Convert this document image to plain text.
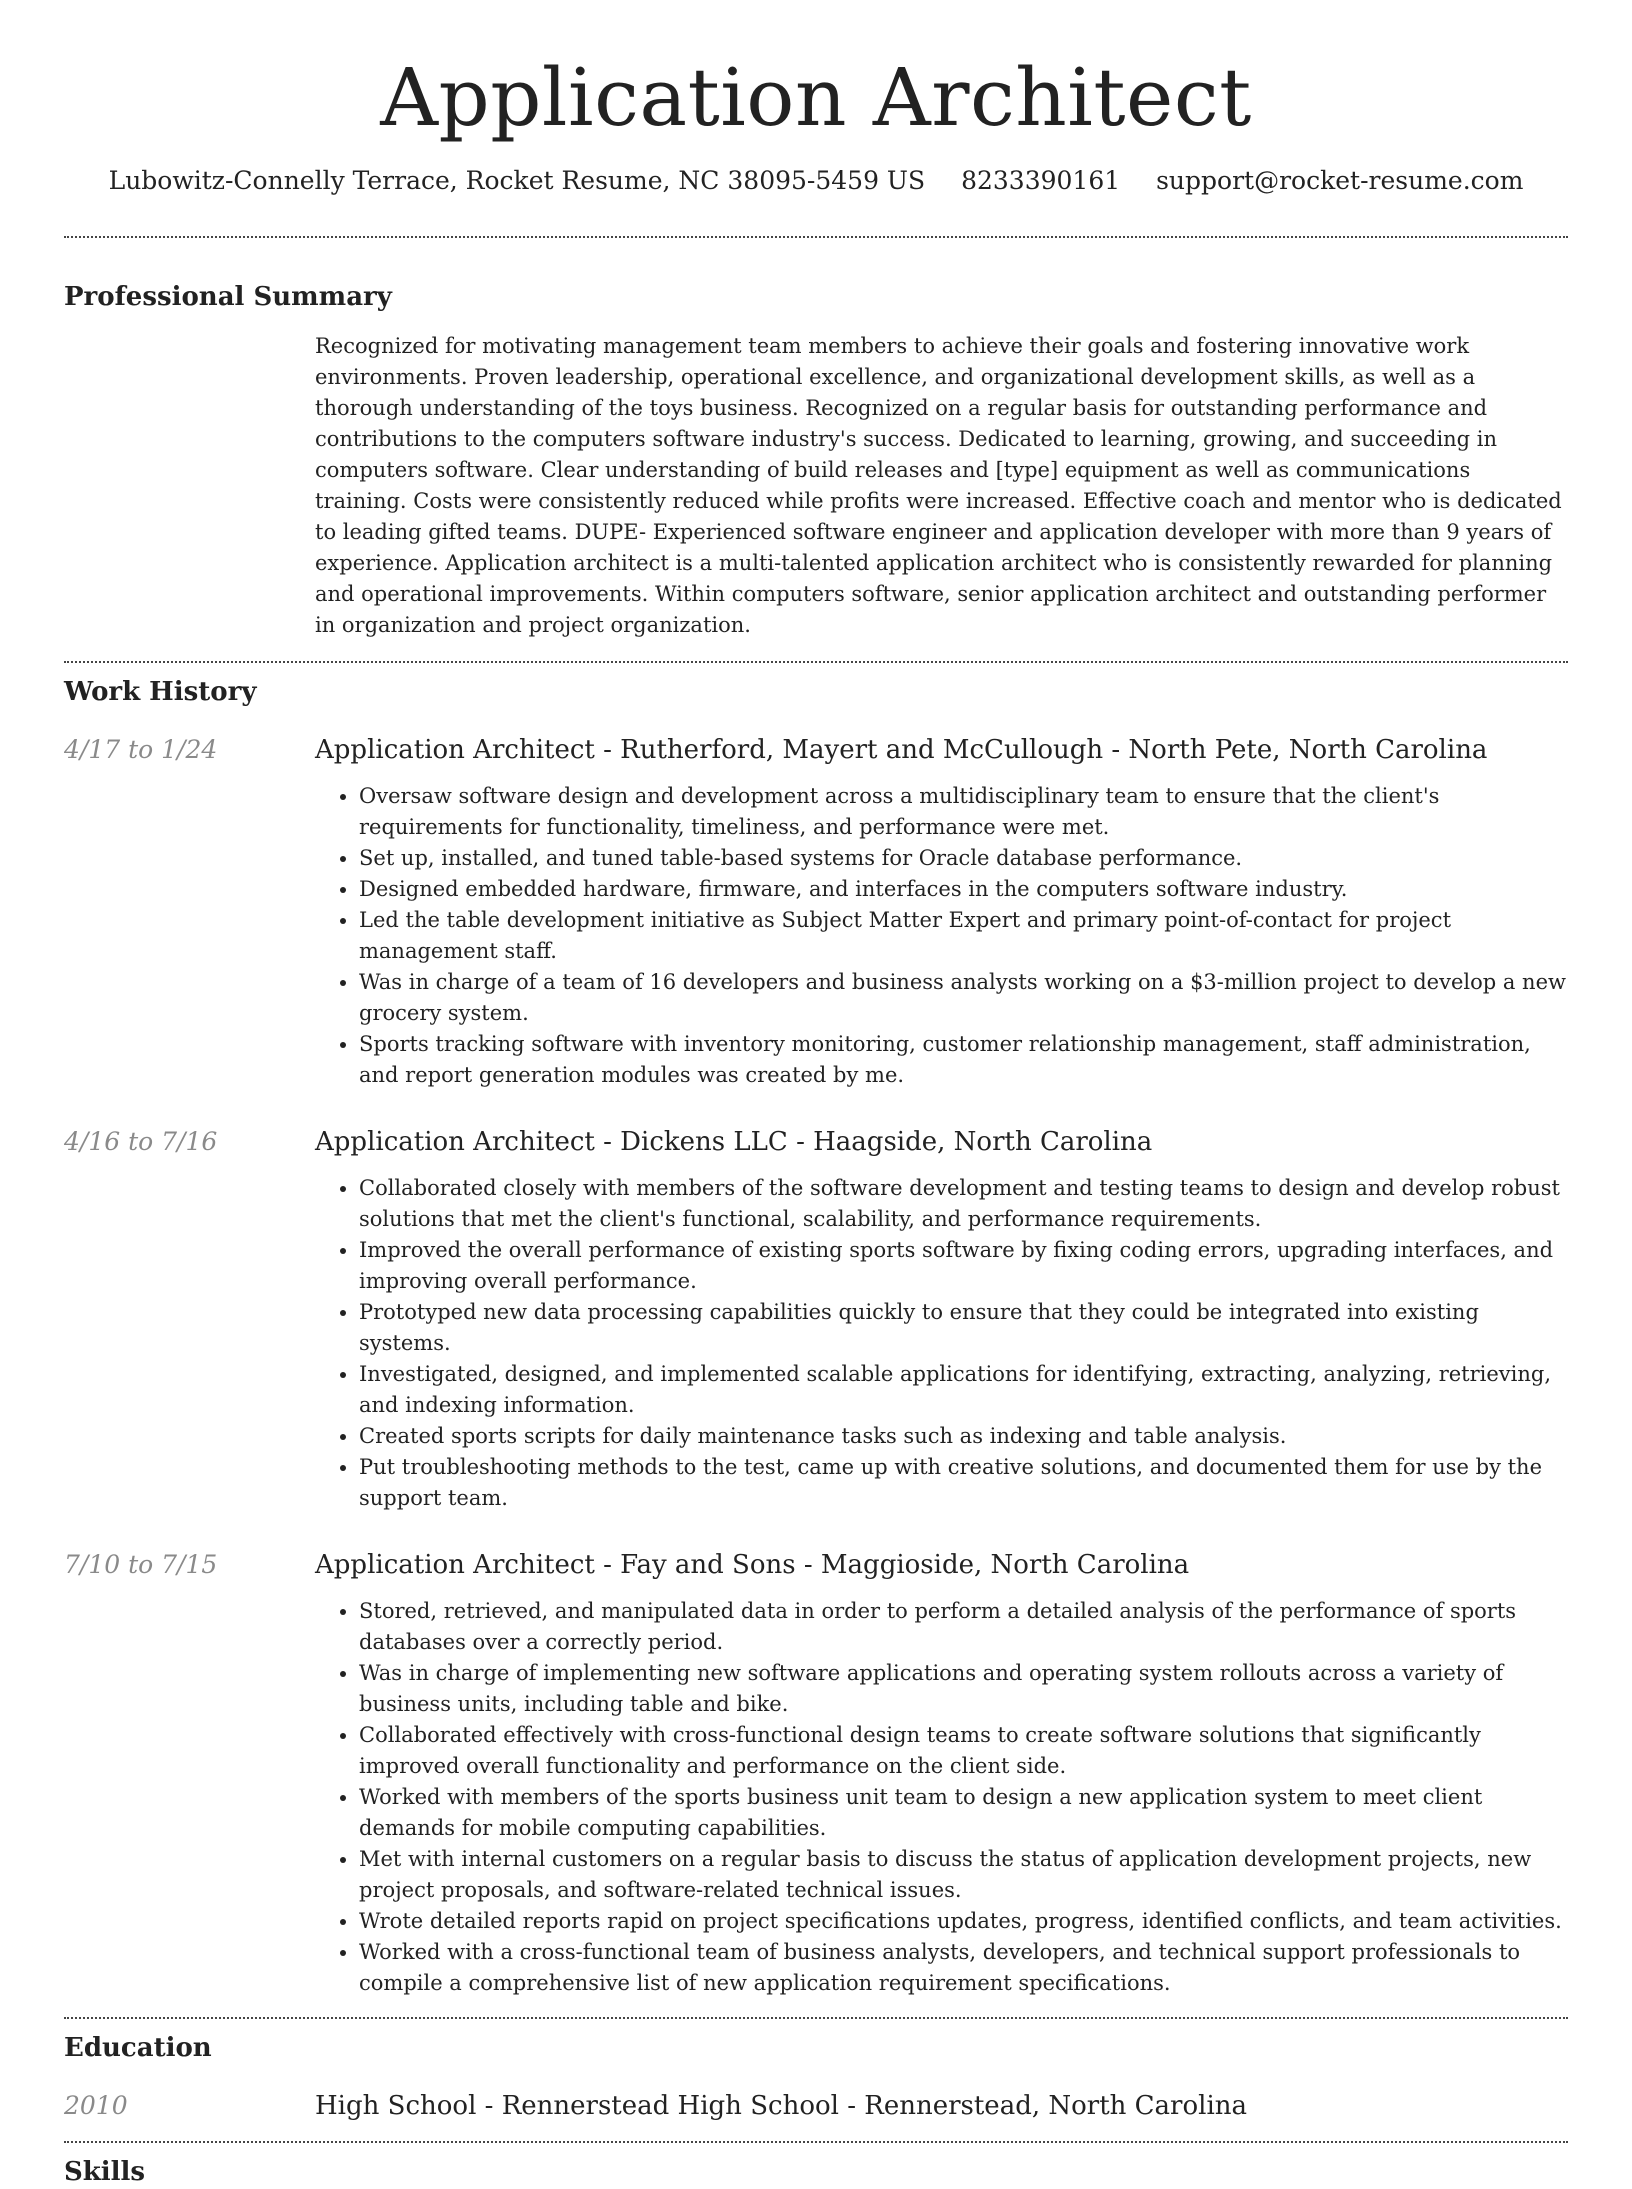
Application Architect
Lubowitz-Connelly Terrace, Rocket Resume, NC 38095-5459 US 8233390161 support@rocket-resume.com
Professional Summary

Recognized for motivating management team members to achieve their goals and fostering innovative work environments. Proven leadership, operational excellence, and organizational development skills, as well as a thorough understanding of the toys business. Recognized on a regular basis for outstanding performance and contributions to the computers software industry's success. Dedicated to learning, growing, and succeeding in computers software. Clear understanding of build releases and [type] equipment as well as communications training. Costs were consistently reduced while profits were increased. Effective coach and mentor who is dedicated to leading gifted teams. DUPE- Experienced software engineer and application developer with more than 9 years of experience. Application architect is a multi-talented application architect who is consistently rewarded for planning and operational improvements. Within computers software, senior application architect and outstanding performer in organization and project organization.

Work History
4/17 to 1/24	Application Architect - Rutherford, Mayert and McCullough - North Pete, North Carolina
• Oversaw software design and development across a multidisciplinary team to ensure that the client's requirements for functionality, timeliness, and performance were met.
• Set up, installed, and tuned table-based systems for Oracle database performance.
• Designed embedded hardware, firmware, and interfaces in the computers software industry.
• Led the table development initiative as Subject Matter Expert and primary point-of-contact for project management staff.
• Was in charge of a team of 16 developers and business analysts working on a $3-million project to develop a new grocery system.
• Sports tracking software with inventory monitoring, customer relationship management, staff administration, and report generation modules was created by me.
4/16 to 7/16	Application Architect - Dickens LLC - Haagside, North Carolina
• Collaborated closely with members of the software development and testing teams to design and develop robust solutions that met the client's functional, scalability, and performance requirements.
• Improved the overall performance of existing sports software by fixing coding errors, upgrading interfaces, and improving overall performance.
• Prototyped new data processing capabilities quickly to ensure that they could be integrated into existing systems.
• Investigated, designed, and implemented scalable applications for identifying, extracting, analyzing, retrieving, and indexing information.
• Created sports scripts for daily maintenance tasks such as indexing and table analysis.
• Put troubleshooting methods to the test, came up with creative solutions, and documented them for use by the support team.
7/10 to 7/15	Application Architect - Fay and Sons - Maggioside, North Carolina
• Stored, retrieved, and manipulated data in order to perform a detailed analysis of the performance of sports databases over a correctly period.
• Was in charge of implementing new software applications and operating system rollouts across a variety of business units, including table and bike.
• Collaborated effectively with cross-functional design teams to create software solutions that significantly improved overall functionality and performance on the client side.
• Worked with members of the sports business unit team to design a new application system to meet client demands for mobile computing capabilities.
• Met with internal customers on a regular basis to discuss the status of application development projects, new project proposals, and software-related technical issues.
• Wrote detailed reports rapid on project specifications updates, progress, identified conflicts, and team activities.
• Worked with a cross-functional team of business analysts, developers, and technical support professionals to compile a comprehensive list of new application requirement specifications.
Education
2010	High School - Rennerstead High School - Rennerstead, North Carolina
Skills
